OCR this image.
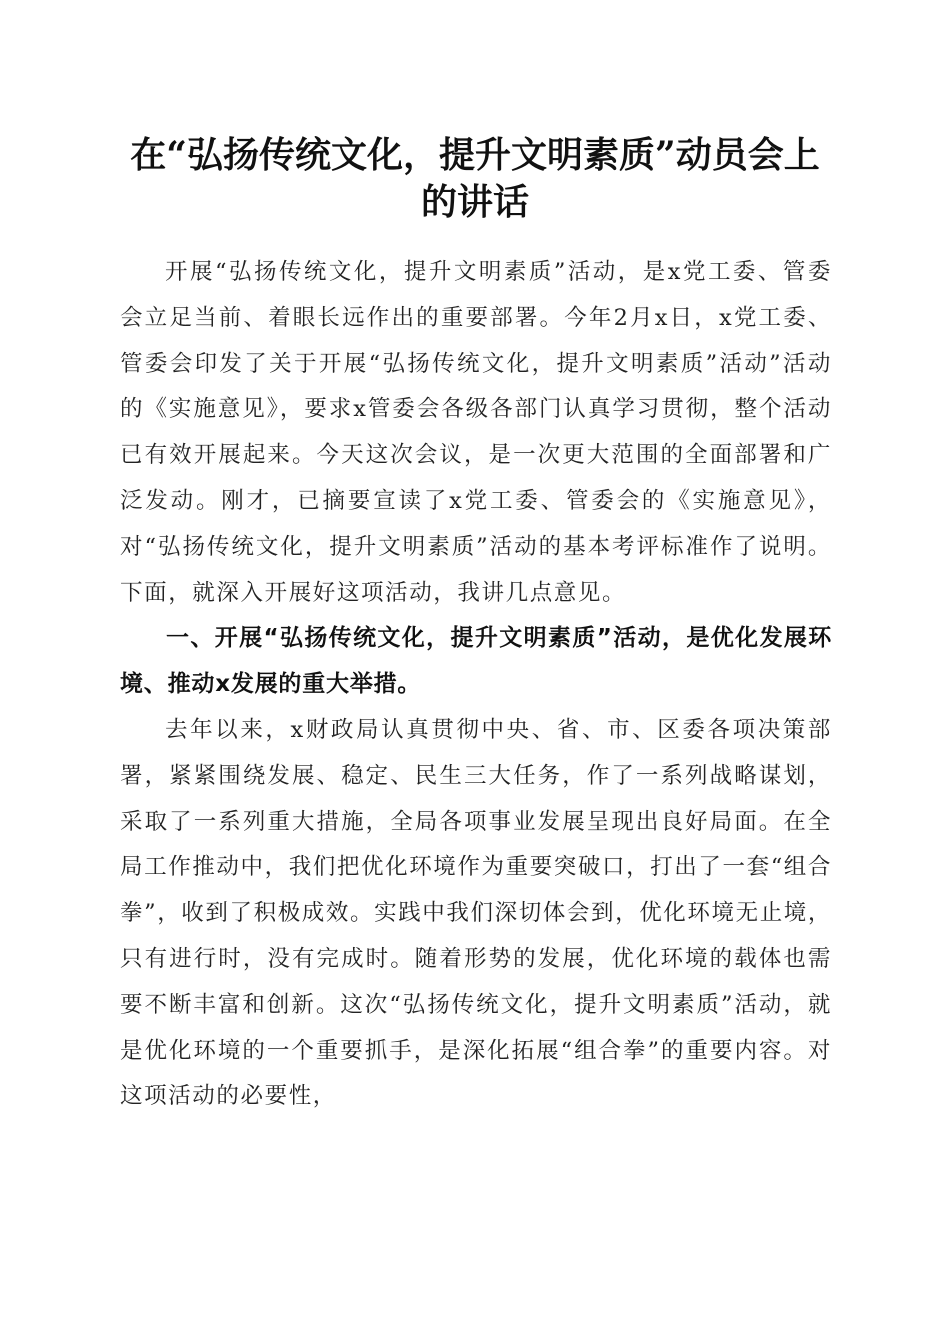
在“弘扬传统文化，提升文明素质”动员会上
的讲话

开展“弘扬传统文化，提升文明素质”活动，是x党工委、管委会立足当前、着眼长远作出的重要部署。今年2月x日，x党工委、管委会印发了关于开展“弘扬传统文化，提升文明素质”活动”活动的《实施意见》，要求x管委会各级各部门认真学习贯彻，整个活动已有效开展起来。今天这次会议，是一次更大范围的全面部署和广泛发动。刚才，已摘要宣读了x党工委、管委会的《实施意见》，对“弘扬传统文化，提升文明素质”活动的基本考评标准作了说明。下面，就深入开展好这项活动，我讲几点意见。

一、开展“弘扬传统文化，提升文明素质”活动，是优化发展环境、推动x发展的重大举措。

去年以来，x财政局认真贯彻中央、省、市、区委各项决策部署，紧紧围绕发展、稳定、民生三大任务，作了一系列战略谋划，采取了一系列重大措施，全局各项事业发展呈现出良好局面。在全局工作推动中，我们把优化环境作为重要突破口，打出了一套“组合拳”，收到了积极成效。实践中我们深切体会到，优化环境无止境，只有进行时，没有完成时。随着形势的发展，优化环境的载体也需要不断丰富和创新。这次“弘扬传统文化，提升文明素质”活动，就是优化环境的一个重要抓手，是深化拓展“组合拳”的重要内容。对这项活动的必要性，
